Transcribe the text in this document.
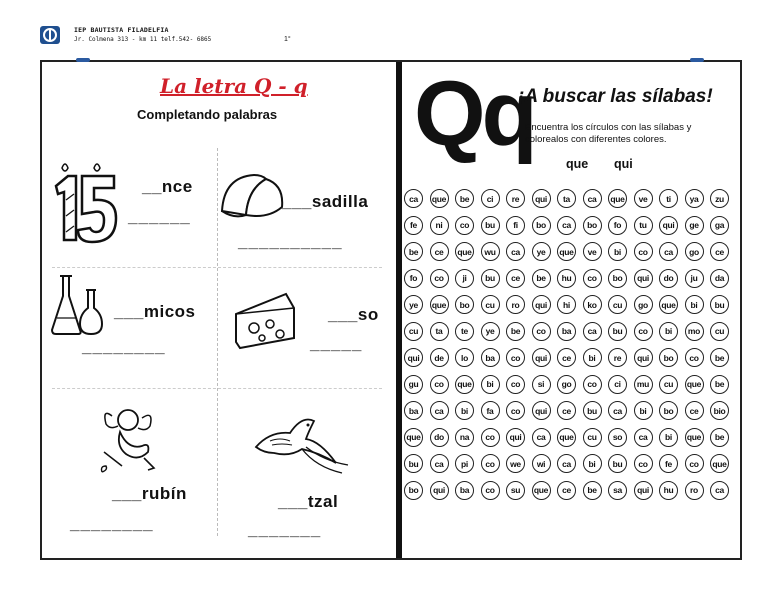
IEP BAUTISTA FILADELFIA
Jr. Colmena 313 - km 11 telf.542- 6865	1°
La letra Q - q
Completando palabras
__nce
______
___sadilla
__________
___micos
________
___so
_____
___rubín
________
___tzal
_______
Qq
¡A buscar las sílabas!
Encuentra los círculos con las sílabas y colorealos con diferentes colores.
que qui
ca	que	be	ci	re	qui	ta	ca	que	ve	ti	ya	zu
fe	ni	co	bu	fi	bo	ca	bo	fo	tu	qui	ge	ga
be	ce	que	wu	ca	ye	que	ve	bi	co	ca	go	ce
fo	co	ji	bu	ce	be	hu	co	bo	qui	do	ju	da
ye	que	bo	cu	ro	qui	hi	ko	cu	go	que	bi	bu
cu	ta	te	ye	be	co	ba	ca	bu	co	bi	mo	cu
qui	de	lo	ba	co	qui	ce	bi	re	qui	bo	co	be
gu	co	que	bi	co	si	go	co	ci	mu	cu	que	be
ba	ca	bi	fa	co	qui	ce	bu	ca	bi	bo	ce	bio
que	do	na	co	qui	ca	que	cu	so	ca	bi	que	be
bu	ca	pi	co	we	wi	ca	bi	bu	co	fe	co	que
bo	qui	ba	co	su	que	ce	be	sa	qui	hu	ro	ca
